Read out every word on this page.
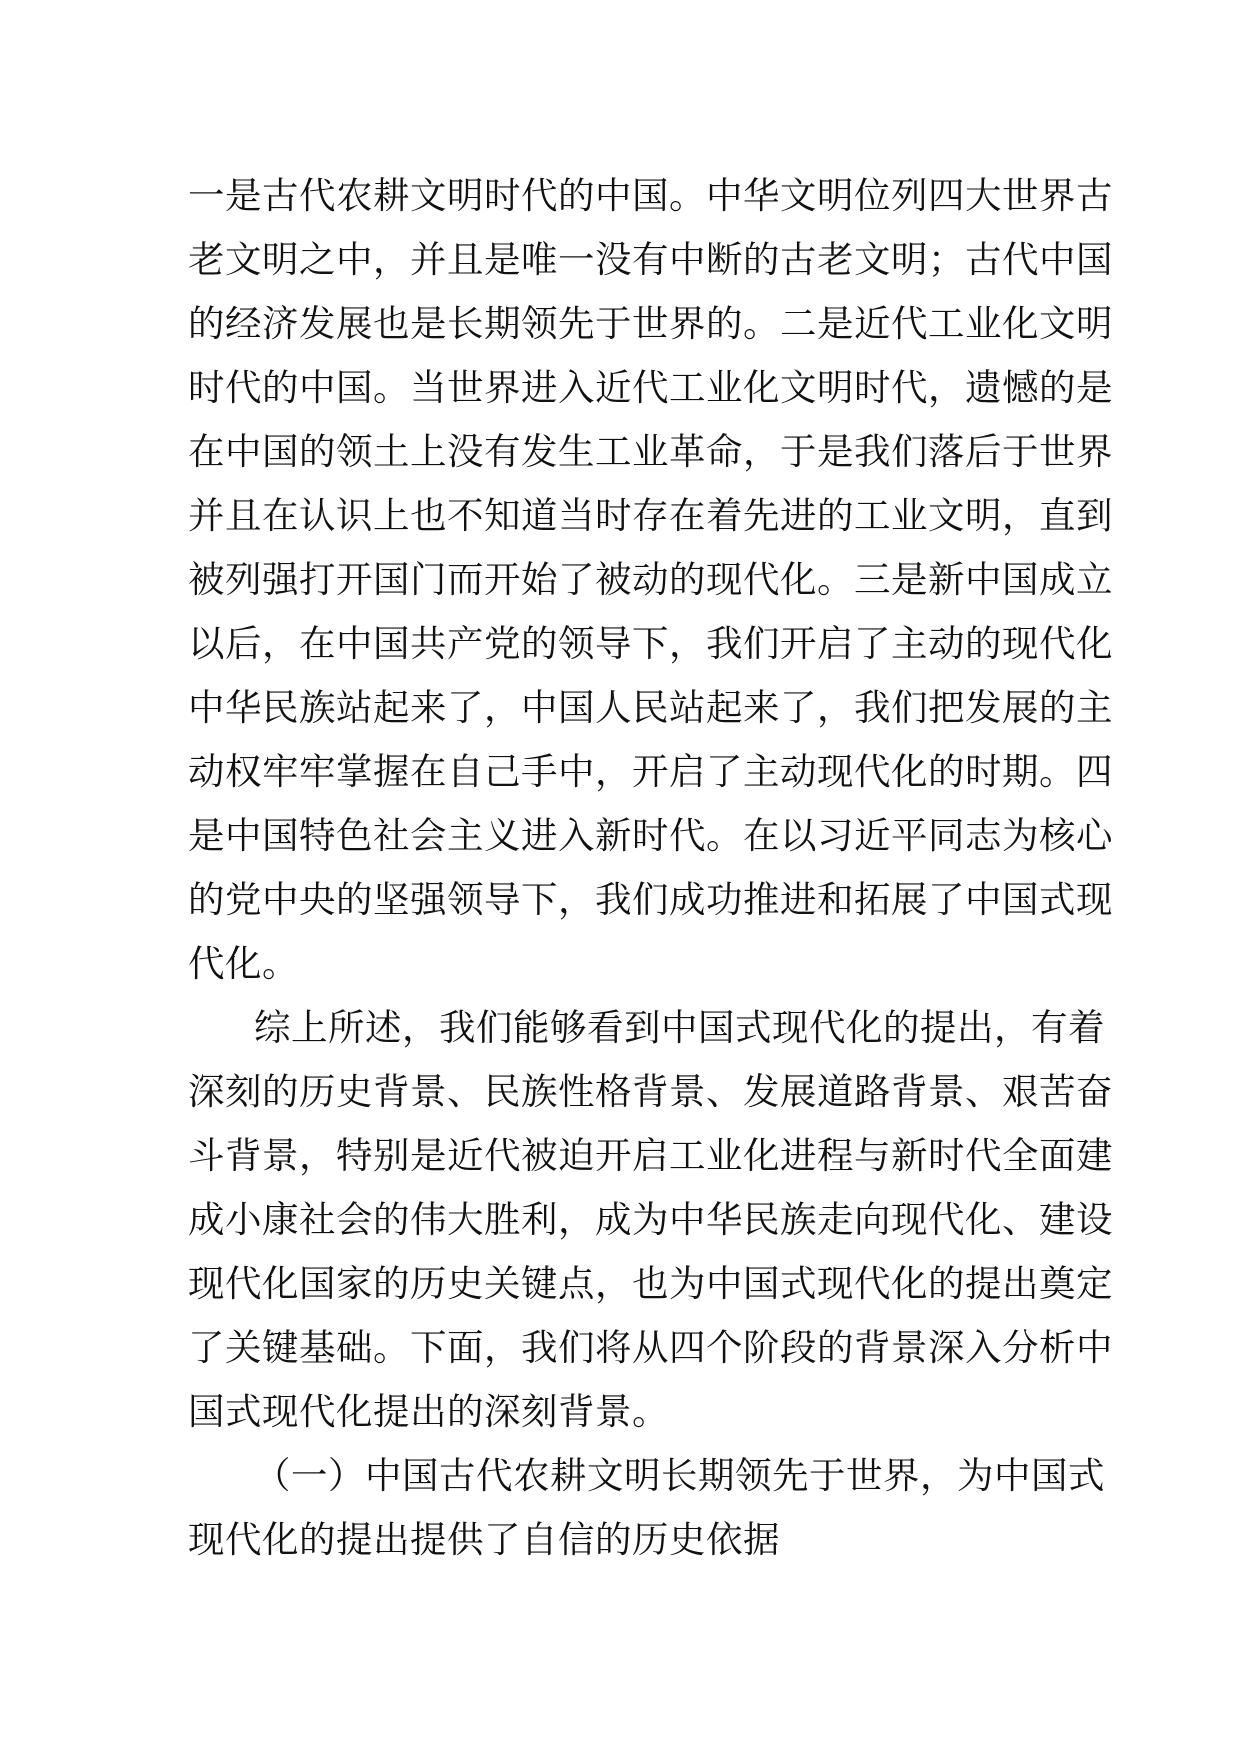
一是古代农耕文明时代的中国。中华文明位列四大世界古
老文明之中，并且是唯一没有中断的古老文明；古代中国
的经济发展也是长期领先于世界的。二是近代工业化文明
时代的中国。当世界进入近代工业化文明时代，遗憾的是
在中国的领土上没有发生工业革命，于是我们落后于世界
并且在认识上也不知道当时存在着先进的工业文明，直到
被列强打开国门而开始了被动的现代化。三是新中国成立
以后，在中国共产党的领导下，我们开启了主动的现代化
中华民族站起来了，中国人民站起来了，我们把发展的主
动权牢牢掌握在自己手中，开启了主动现代化的时期。四
是中国特色社会主义进入新时代。在以习近平同志为核心
的党中央的坚强领导下，我们成功推进和拓展了中国式现
代化。
综上所述，我们能够看到中国式现代化的提出，有着
深刻的历史背景、民族性格背景、发展道路背景、艰苦奋
斗背景，特别是近代被迫开启工业化进程与新时代全面建
成小康社会的伟大胜利，成为中华民族走向现代化、建设
现代化国家的历史关键点，也为中国式现代化的提出奠定
了关键基础。下面，我们将从四个阶段的背景深入分析中
国式现代化提出的深刻背景。
（一）中国古代农耕文明长期领先于世界，为中国式
现代化的提出提供了自信的历史依据
